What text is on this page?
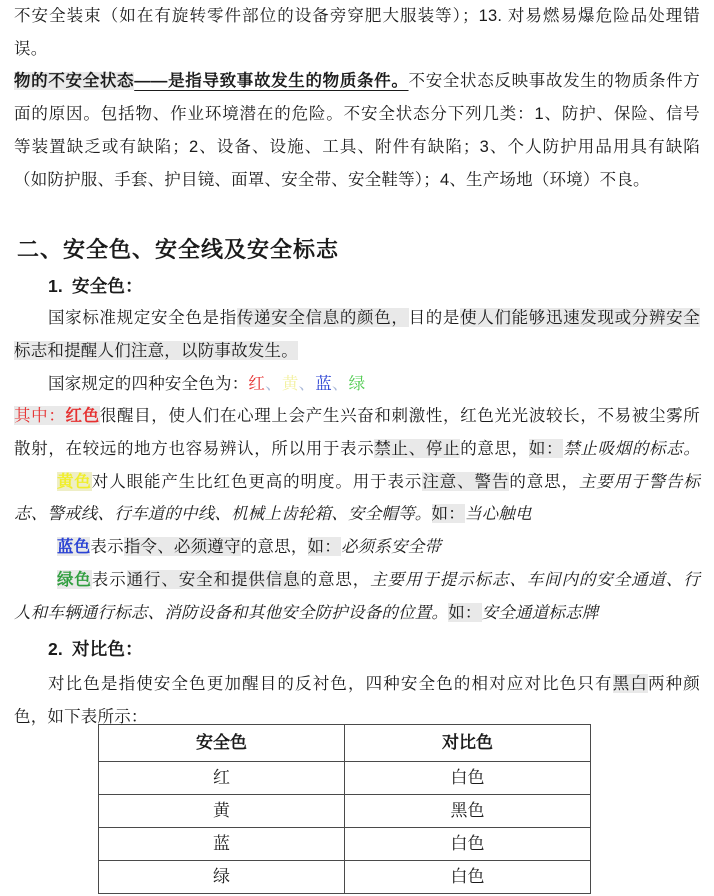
不安全装束（如在有旋转零件部位的设备旁穿肥大服装等）；13. 对易燃易爆危险品处理错
误。
物的不安全状态——是指导致事故发生的物质条件。不安全状态反映事故发生的物质条件方
面的原因。包括物、作业环境潜在的危险。不安全状态分下列几类：1、防护、保险、信号
等装置缺乏或有缺陷；2、设备、设施、工具、附件有缺陷；3、个人防护用品用具有缺陷
（如防护服、手套、护目镜、面罩、安全带、安全鞋等）；4、生产场地（环境）不良。
二、安全色、安全线及安全标志
1. 安全色：
国家标准规定安全色是指传递安全信息的颜色，目的是使人们能够迅速发现或分辨安全
标志和提醒人们注意，以防事故发生。
国家规定的四种安全色为：红、黄、蓝、绿
其中：红色很醒目，使人们在心理上会产生兴奋和刺激性，红色光光波较长，不易被尘雾所
散射，在较远的地方也容易辨认，所以用于表示禁止、停止的意思，如：禁止吸烟的标志。
黄色对人眼能产生比红色更高的明度。用于表示注意、警告的意思，主要用于警告标
志、警戒线、行车道的中线、机械上齿轮箱、安全帽等。如：当心触电
蓝色表示指令、必须遵守的意思，如：必须系安全带
绿色表示通行、安全和提供信息的意思，主要用于提示标志、车间内的安全通道、行
人和车辆通行标志、消防设备和其他安全防护设备的位置。如：安全通道标志牌
2. 对比色：
对比色是指使安全色更加醒目的反衬色，四种安全色的相对应对比色只有黑白两种颜
色，如下表所示：
安全色	对比色
红	白色
黄	黑色
蓝	白色
绿	白色
